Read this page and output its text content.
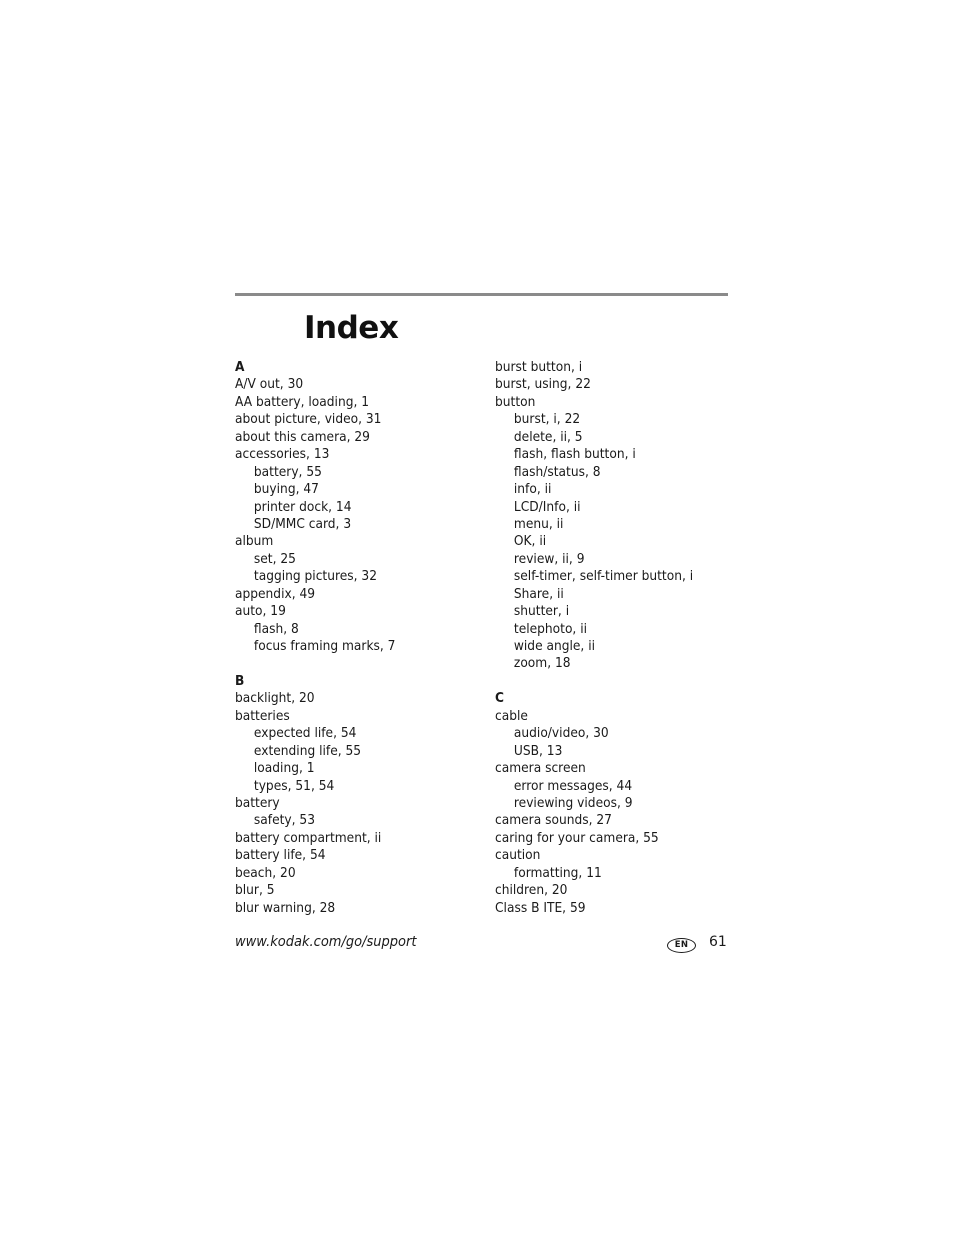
Index
A
A/V out, 30
AA battery, loading, 1
about picture, video, 31
about this camera, 29
accessories, 13
battery, 55
buying, 47
printer dock, 14
SD/MMC card, 3
album
set, 25
tagging pictures, 32
appendix, 49
auto, 19
flash, 8
focus framing marks, 7
B
backlight, 20
batteries
expected life, 54
extending life, 55
loading, 1
types, 51, 54
battery
safety, 53
battery compartment, ii
battery life, 54
beach, 20
blur, 5
blur warning, 28
burst button, i
burst, using, 22
button
burst, i, 22
delete, ii, 5
flash, flash button, i
flash/status, 8
info, ii
LCD/Info, ii
menu, ii
OK, ii
review, ii, 9
self-timer, self-timer button, i
Share, ii
shutter, i
telephoto, ii
wide angle, ii
zoom, 18
C
cable
audio/video, 30
USB, 13
camera screen
error messages, 44
reviewing videos, 9
camera sounds, 27
caring for your camera, 55
caution
formatting, 11
children, 20
Class B ITE, 59
www.kodak.com/go/support	EN	61
